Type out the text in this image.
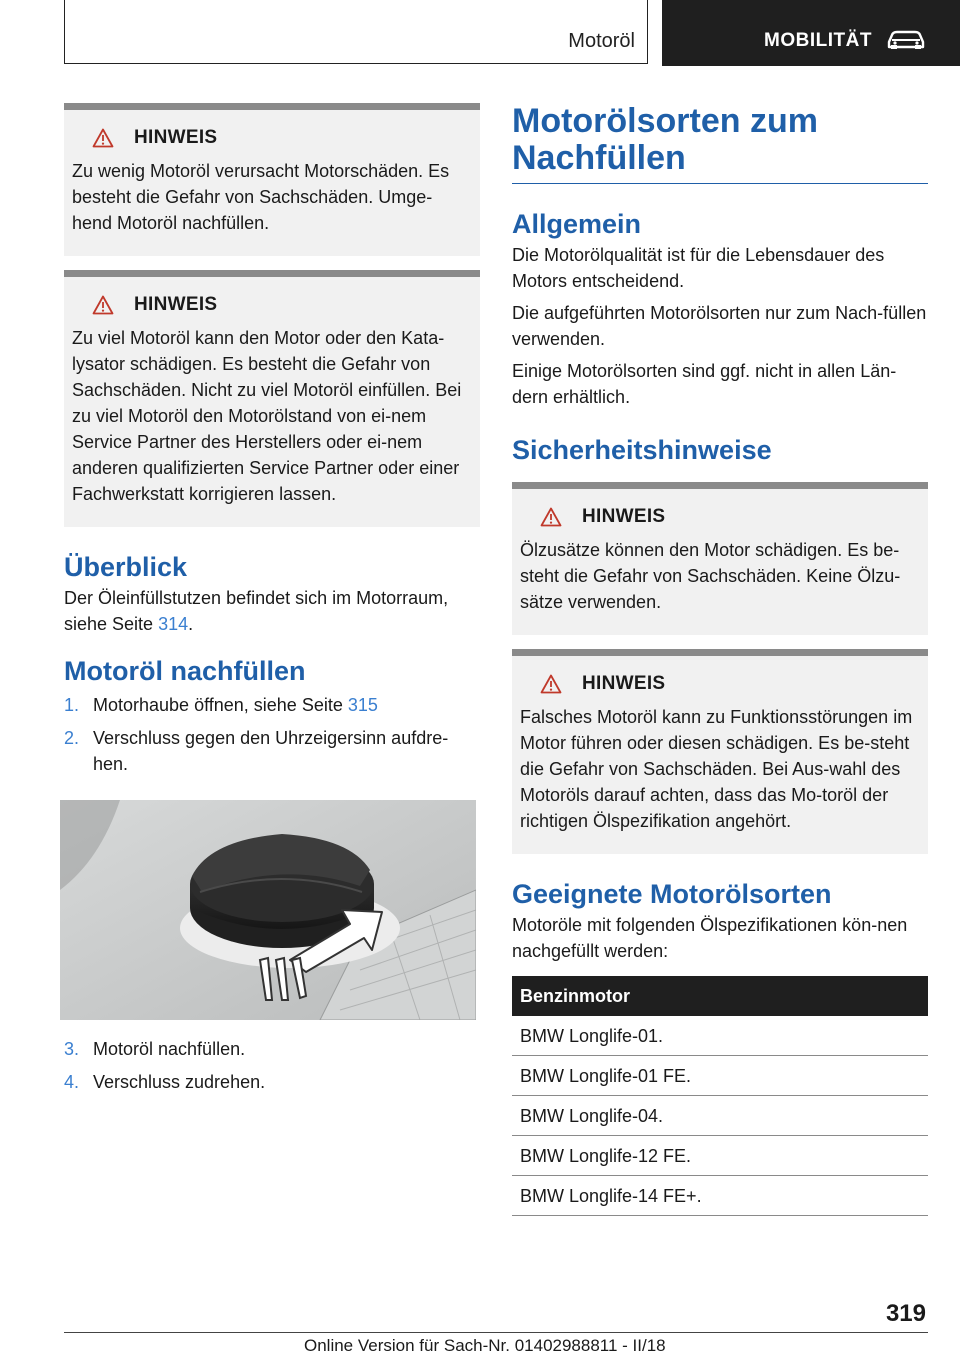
Motoröl	MOBILITÄT
HINWEIS
Zu wenig Motoröl verursacht Motorschäden. Es besteht die Gefahr von Sachschäden. Umge-hend Motoröl nachfüllen.
HINWEIS
Zu viel Motoröl kann den Motor oder den Kata-lysator schädigen. Es besteht die Gefahr von Sachschäden. Nicht zu viel Motoröl einfüllen. Bei zu viel Motoröl den Motorölstand von ei-nem Service Partner des Herstellers oder ei-nem anderen qualifizierten Service Partner oder einer Fachwerkstatt korrigieren lassen.
Überblick
Der Öleinfüllstutzen befindet sich im Motorraum, siehe Seite 314.
Motoröl nachfüllen
1. Motorhaube öffnen, siehe Seite 315
2. Verschluss gegen den Uhrzeigersinn aufdre-hen.
3. Motoröl nachfüllen.
4. Verschluss zudrehen.
Motorölsorten zum
Nachfüllen
Allgemein
Die Motorölqualität ist für die Lebensdauer des Motors entscheidend.
Die aufgeführten Motorölsorten nur zum Nach-füllen verwenden.
Einige Motorölsorten sind ggf. nicht in allen Län-dern erhältlich.
Sicherheitshinweise
HINWEIS
Ölzusätze können den Motor schädigen. Es be-steht die Gefahr von Sachschäden. Keine Ölzu-sätze verwenden.
HINWEIS
Falsches Motoröl kann zu Funktionsstörungen im Motor führen oder diesen schädigen. Es be-steht die Gefahr von Sachschäden. Bei Aus-wahl des Motoröls darauf achten, dass das Mo-toröl der richtigen Ölspezifikation angehört.
Geeignete Motorölsorten
Motoröle mit folgenden Ölspezifikationen kön-nen nachgefüllt werden:
Benzinmotor
BMW Longlife-01.
BMW Longlife-01 FE.
BMW Longlife-04.
BMW Longlife-12 FE.
BMW Longlife-14 FE+.
319
Online Version für Sach-Nr. 01402988811 - II/18
